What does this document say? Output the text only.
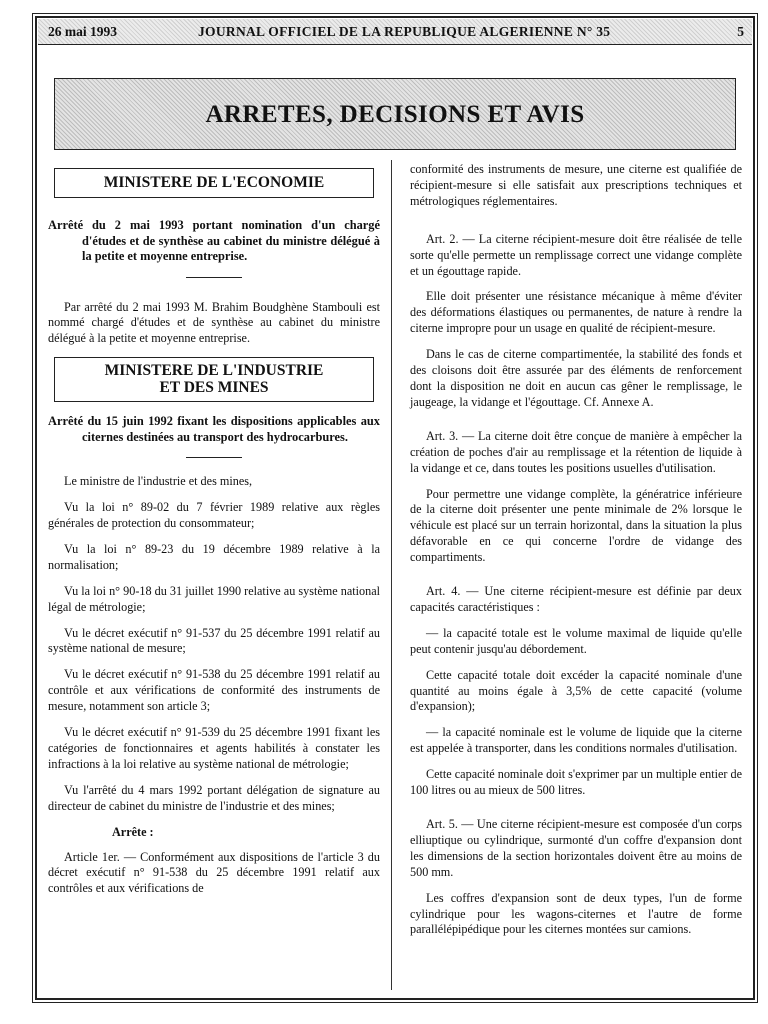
26 mai 1993	JOURNAL OFFICIEL DE LA REPUBLIQUE ALGERIENNE N° 35	5
ARRETES, DECISIONS ET AVIS
MINISTERE DE L'ECONOMIE
Arrêté du 2 mai 1993 portant nomination d'un chargé d'études et de synthèse au cabinet du ministre délégué à la petite et moyenne entreprise.

Par arrêté du 2 mai 1993 M. Brahim Boudghène Stambouli est nommé chargé d'études et de synthèse au cabinet du ministre délégué à la petite et moyenne entreprise.

MINISTERE DE L'INDUSTRIE
ET DES MINES
Arrêté du 15 juin 1992 fixant les dispositions applicables aux citernes destinées au transport des hydrocarbures.

Le ministre de l'industrie et des mines,

Vu la loi n° 89-02 du 7 février 1989 relative aux règles générales de protection du consommateur;

Vu la loi n° 89-23 du 19 décembre 1989 relative à la normalisation;

Vu la loi n° 90-18 du 31 juillet 1990 relative au système national légal de métrologie;

Vu le décret exécutif n° 91-537 du 25 décembre 1991 relatif au système national de mesure;

Vu le décret exécutif n° 91-538 du 25 décembre 1991 relatif au contrôle et aux vérifications de conformité des instruments de mesure, notamment son article 3;

Vu le décret exécutif n° 91-539 du 25 décembre 1991 fixant les catégories de fonctionnaires et agents habilités à constater les infractions à la loi relative au système national de métrologie;

Vu l'arrêté du 4 mars 1992 portant délégation de signature au directeur de cabinet du ministre de l'industrie et des mines;

Arrête :

Article 1er. — Conformément aux dispositions de l'article 3 du décret exécutif n° 91-538 du 25 décembre 1991 relatif aux contrôles et aux vérifications de

conformité des instruments de mesure, une citerne est qualifiée de récipient-mesure si elle satisfait aux prescriptions techniques et métrologiques réglementaires.

Art. 2. — La citerne récipient-mesure doit être réalisée de telle sorte qu'elle permette un remplissage correct une vidange complète et un égouttage rapide.

Elle doit présenter une résistance mécanique à même d'éviter des déformations élastiques ou permanentes, de nature à rendre la citerne impropre pour un usage en qualité de récipient-mesure.

Dans le cas de citerne compartimentée, la stabilité des fonds et des cloisons doit être assurée par des éléments de renforcement dont la disposition ne doit en aucun cas gêner le remplissage, le jaugeage, la vidange et l'égouttage. Cf. Annexe A.

Art. 3. — La citerne doit être conçue de manière à empêcher la création de poches d'air au remplissage et la rétention de liquide à la vidange et ce, dans toutes les positions usuelles d'utilisation.

Pour permettre une vidange complète, la génératrice inférieure de la citerne doit présenter une pente minimale de 2% lorsque le véhicule est placé sur un terrain horizontal, dans la situation la plus défavorable en ce qui concerne l'ordre de vidange des compartiments.

Art. 4. — Une citerne récipient-mesure est définie par deux capacités caractéristiques :

— la capacité totale est le volume maximal de liquide qu'elle peut contenir jusqu'au débordement.

Cette capacité totale doit excéder la capacité nominale d'une quantité au moins égale à 3,5% de cette capacité (volume d'expansion);

— la capacité nominale est le volume de liquide que la citerne est appelée à transporter, dans les conditions normales d'utilisation.

Cette capacité nominale doit s'exprimer par un multiple entier de 100 litres ou au mieux de 500 litres.

Art. 5. — Une citerne récipient-mesure est composée d'un corps elliuptique ou cylindrique, surmonté d'un coffre d'expansion dont les dimensions de la section horizontales doivent être au moins de 500 mm.

Les coffres d'expansion sont de deux types, l'un de forme cylindrique pour les wagons-citernes et l'autre de forme parallélépipédique pour les citernes montées sur camions.
